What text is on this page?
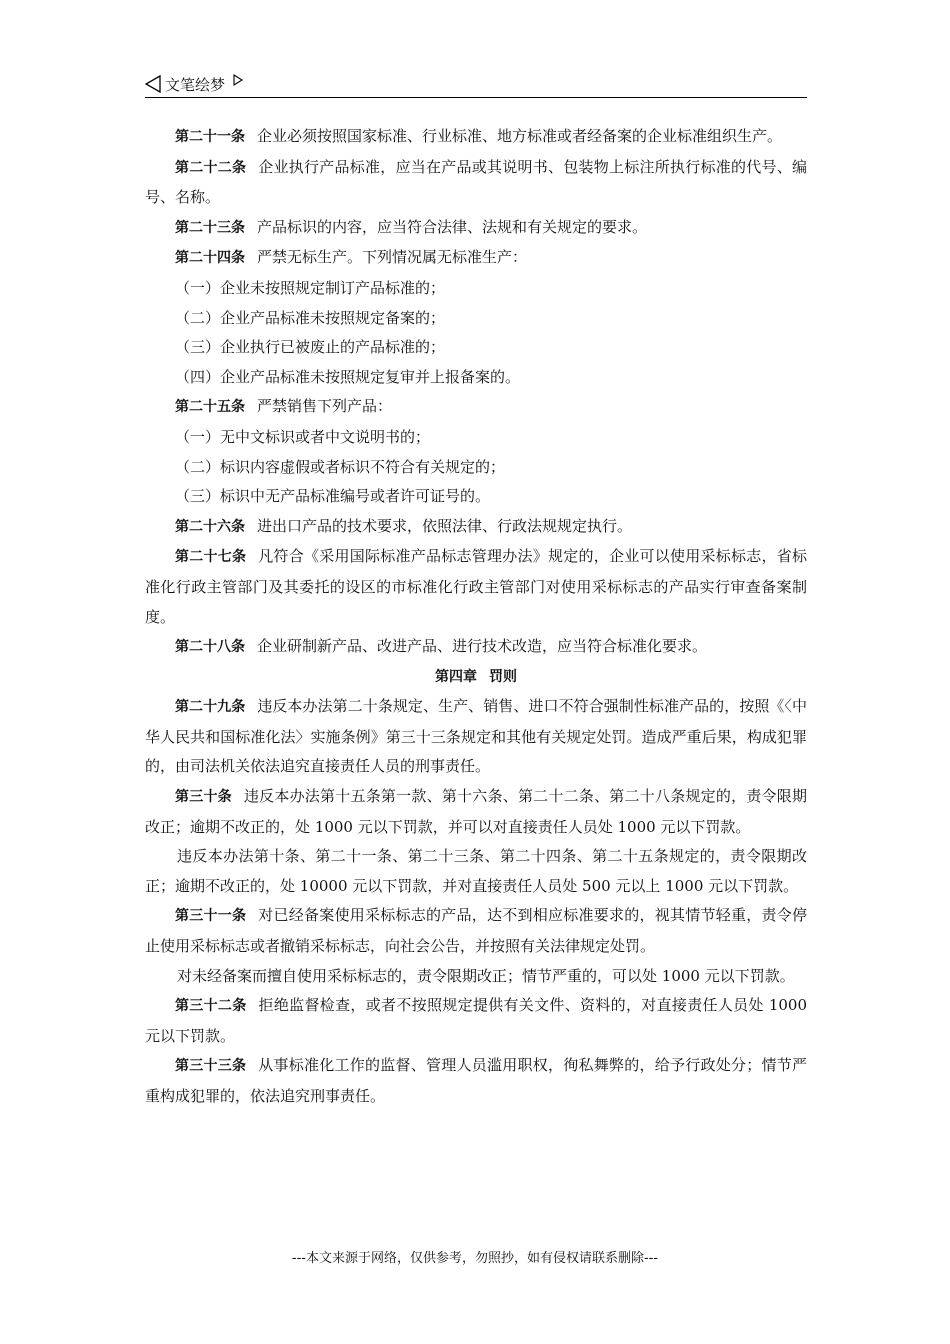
文笔绘梦

第二十一条 企业必须按照国家标准、行业标准、地方标准或者经备案的企业标准组织生产。

第二十二条 企业执行产品标准，应当在产品或其说明书、包装物上标注所执行标准的代号、编号、名称。

第二十三条 产品标识的内容，应当符合法律、法规和有关规定的要求。

第二十四条 严禁无标生产。下列情况属无标准生产：

（一）企业未按照规定制订产品标准的；

（二）企业产品标准未按照规定备案的；

（三）企业执行已被废止的产品标准的；

（四）企业产品标准未按照规定复审并上报备案的。

第二十五条 严禁销售下列产品：

（一）无中文标识或者中文说明书的；

（二）标识内容虚假或者标识不符合有关规定的；

（三）标识中无产品标准编号或者许可证号的。

第二十六条 进出口产品的技术要求，依照法律、行政法规规定执行。

第二十七条 凡符合《采用国际标准产品标志管理办法》规定的，企业可以使用采标标志，省标准化行政主管部门及其委托的设区的市标准化行政主管部门对使用采标标志的产品实行审查备案制度。

第二十八条 企业研制新产品、改进产品、进行技术改造，应当符合标准化要求。

第四章 罚则

第二十九条 违反本办法第二十条规定、生产、销售、进口不符合强制性标准产品的，按照《〈中华人民共和国标准化法〉实施条例》第三十三条规定和其他有关规定处罚。造成严重后果，构成犯罪的，由司法机关依法追究直接责任人员的刑事责任。

第三十条 违反本办法第十五条第一款、第十六条、第二十二条、第二十八条规定的，责令限期改正；逾期不改正的，处 1000 元以下罚款，并可以对直接责任人员处 1000 元以下罚款。

违反本办法第十条、第二十一条、第二十三条、第二十四条、第二十五条规定的，责令限期改正；逾期不改正的，处 10000 元以下罚款，并对直接责任人员处 500 元以上 1000 元以下罚款。

第三十一条 对已经备案使用采标标志的产品，达不到相应标准要求的，视其情节轻重，责令停止使用采标标志或者撤销采标标志，向社会公告，并按照有关法律规定处罚。

对未经备案而擅自使用采标标志的，责令限期改正；情节严重的，可以处 1000 元以下罚款。

第三十二条 拒绝监督检查，或者不按照规定提供有关文件、资料的，对直接责任人员处 1000 元以下罚款。

第三十三条 从事标准化工作的监督、管理人员滥用职权，徇私舞弊的，给予行政处分；情节严重构成犯罪的，依法追究刑事责任。

---本文来源于网络，仅供参考，勿照抄，如有侵权请联系删除---
